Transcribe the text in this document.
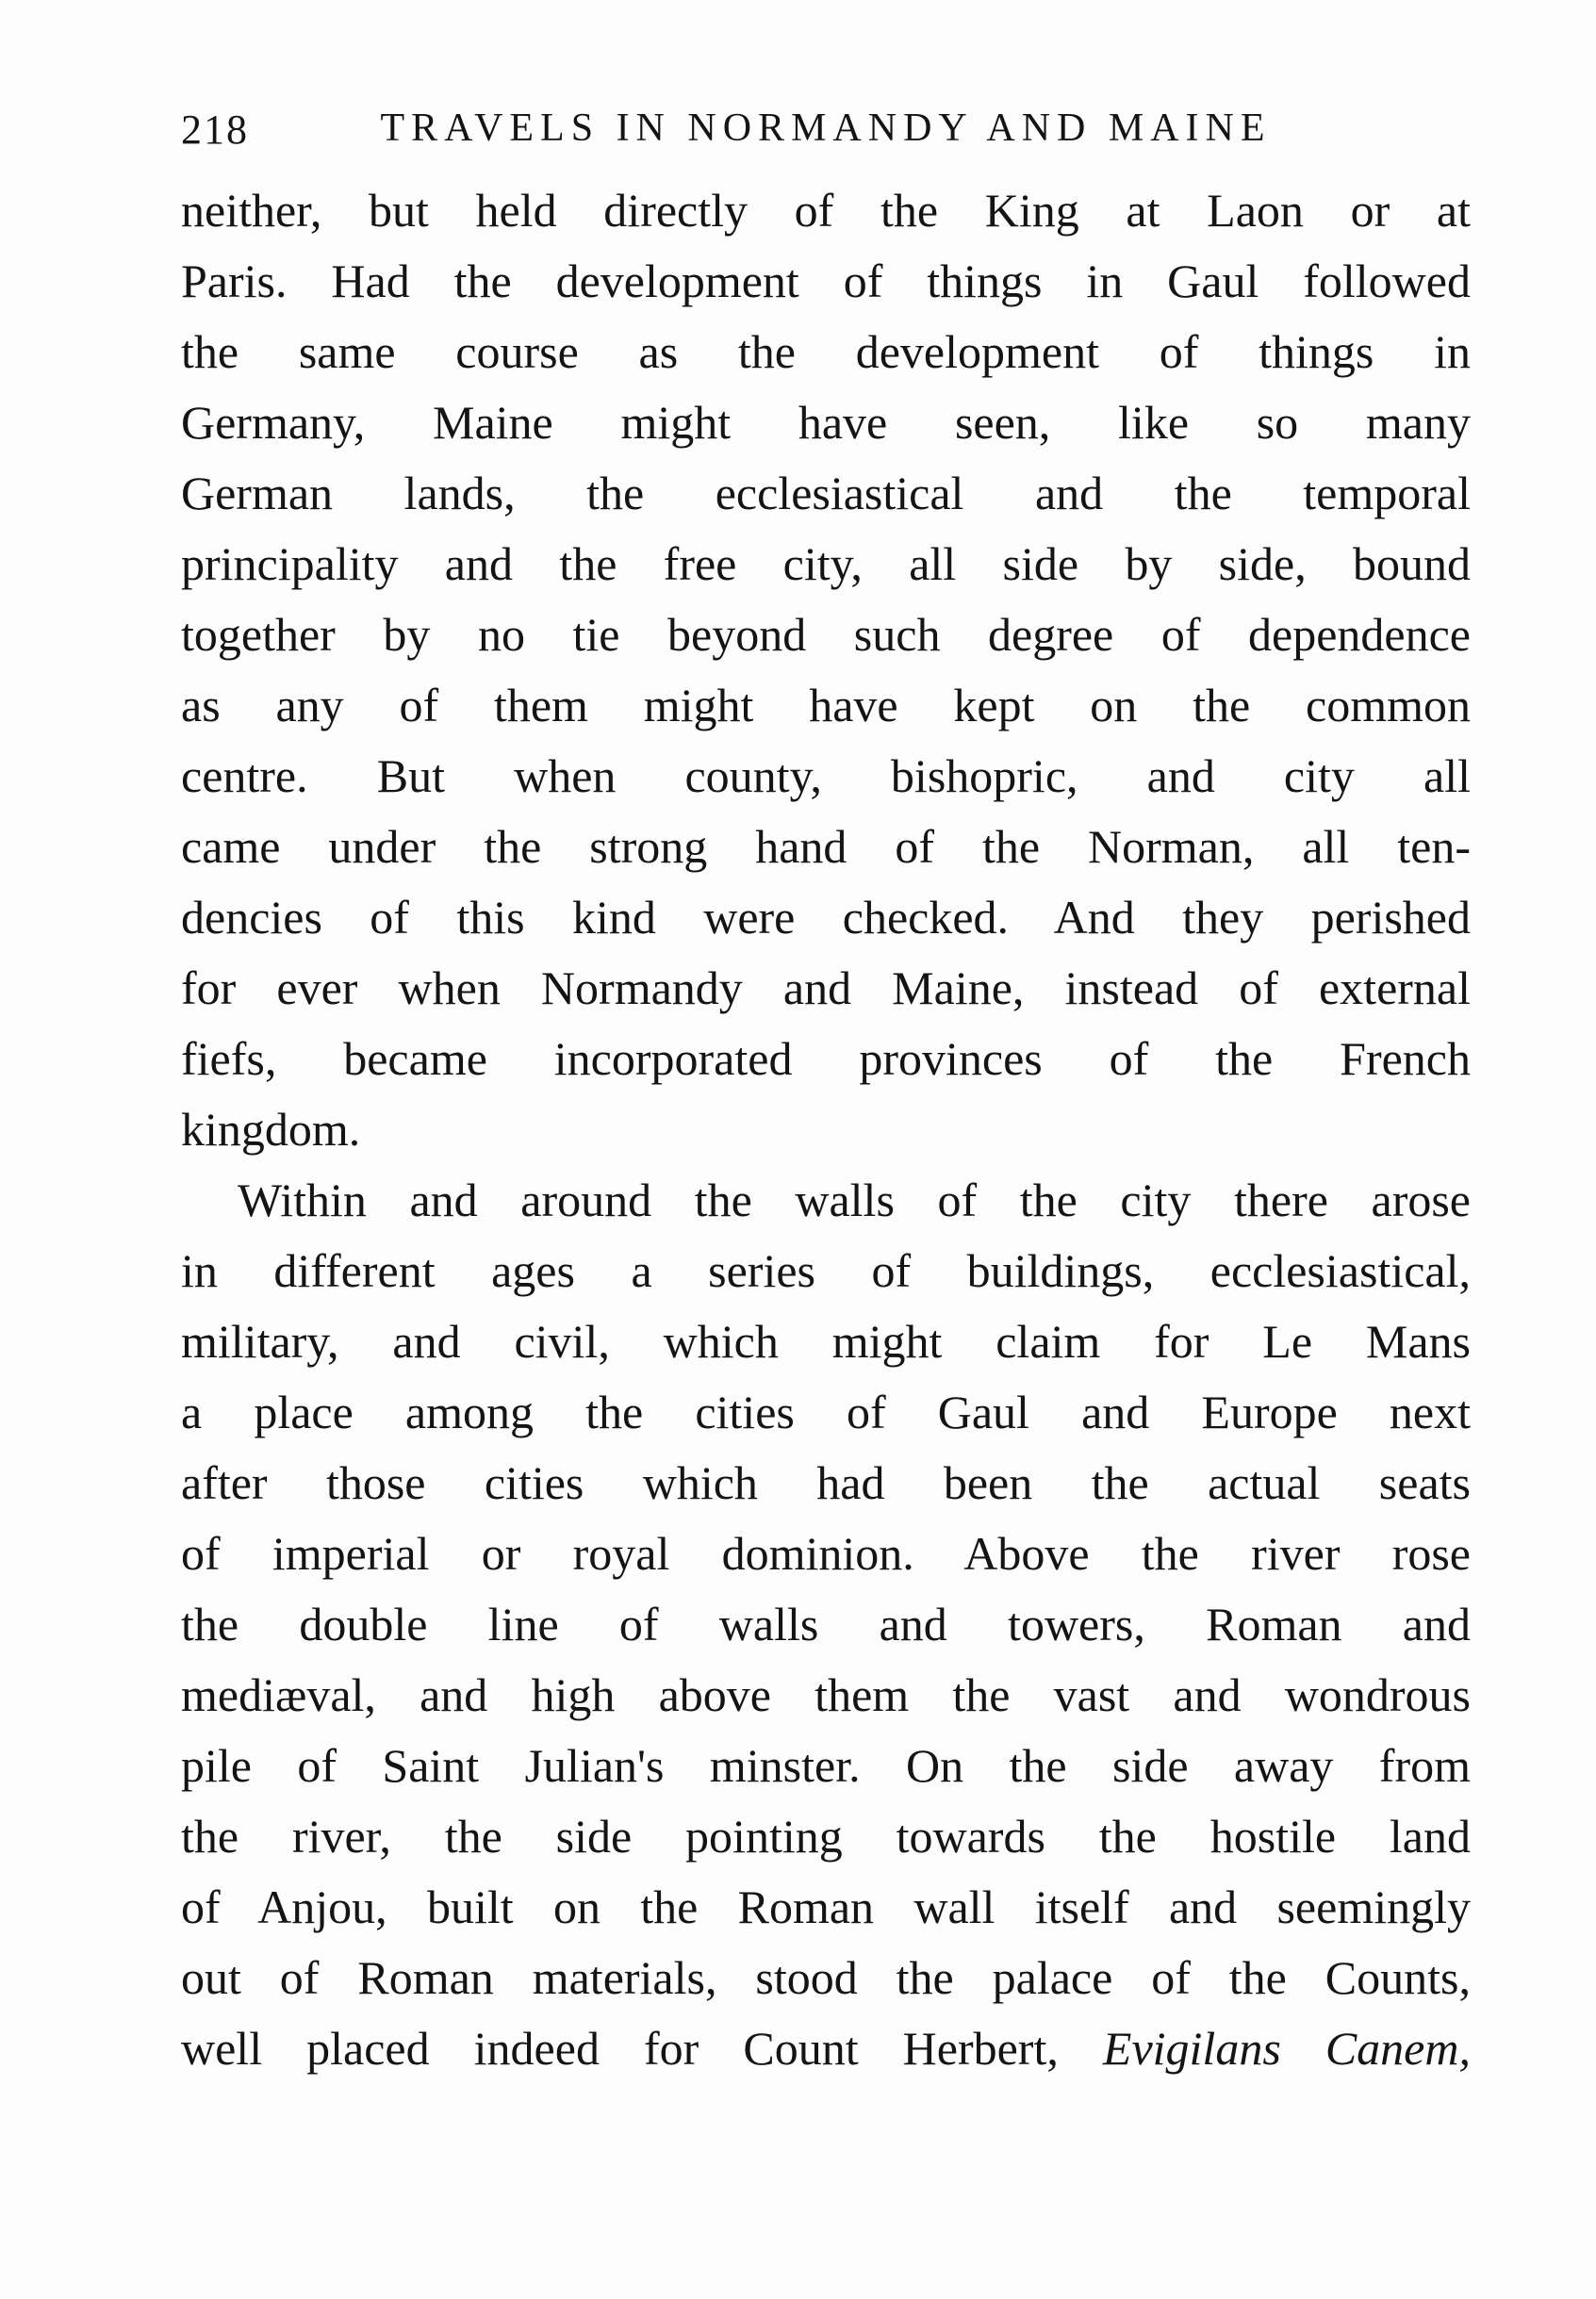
218	TRAVELS IN NORMANDY AND MAINE
neither, but held directly of the King at Laon or at
Paris. Had the development of things in Gaul followed
the same course as the development of things in
Germany, Maine might have seen, like so many
German lands, the ecclesiastical and the temporal
principality and the free city, all side by side, bound
together by no tie beyond such degree of dependence
as any of them might have kept on the common
centre. But when county, bishopric, and city all
came under the strong hand of the Norman, all ten-
dencies of this kind were checked. And they perished
for ever when Normandy and Maine, instead of external
fiefs, became incorporated provinces of the French
kingdom.
Within and around the walls of the city there arose
in different ages a series of buildings, ecclesiastical,
military, and civil, which might claim for Le Mans
a place among the cities of Gaul and Europe next
after those cities which had been the actual seats
of imperial or royal dominion. Above the river rose
the double line of walls and towers, Roman and
mediæval, and high above them the vast and wondrous
pile of Saint Julian's minster. On the side away from
the river, the side pointing towards the hostile land
of Anjou, built on the Roman wall itself and seemingly
out of Roman materials, stood the palace of the Counts,
well placed indeed for Count Herbert, Evigilans Canem,
